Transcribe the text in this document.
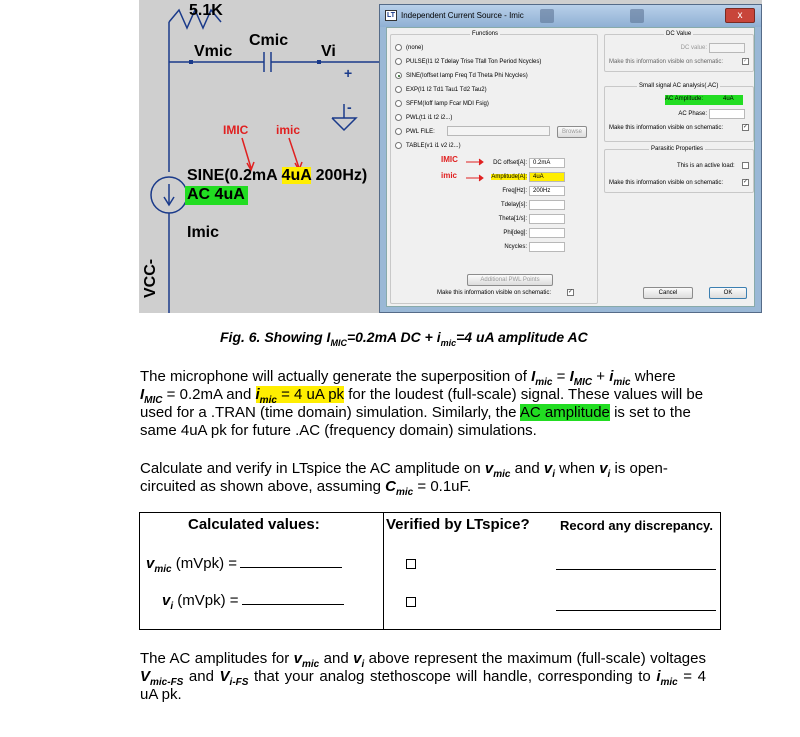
5.1K
Cmic
Vmic	Vi
+
-
IMIC imic
SINE(0.2mA 4uA 200Hz)
AC 4uA
Imic
VCC-
LT Independent Current Source - Imic	x
Functions
(none)
PULSE(I1 I2 Tdelay Trise Tfall Ton Period Ncycles)
SINE(Ioffset Iamp Freq Td Theta Phi Ncycles)
EXP(I1 I2 Td1 Tau1 Td2 Tau2)
SFFM(Ioff Iamp Fcar MDI Fsig)
PWL(t1 i1 t2 i2...)
PWL FILE:	Browse
TABLE(v1 i1 v2 i2...)
IMIC
imic
DC offset[A]:	0.2mA
Amplitude[A]:	4uA
Freq[Hz]:	200Hz
Tdelay[s]:
Theta[1/s]:
Phi[deg]:
Ncycles:
Additional PWL Points
Make this information visible on schematic:	✓
DC Value
DC value:
Make this information visible on schematic:	✓
Small signal AC analysis(.AC)
AC Amplitude:	4uA
AC Phase:
Make this information visible on schematic:	✓
Parasitic Properties
This is an active load:
Make this information visible on schematic:	✓
Cancel	OK
Fig. 6. Showing $I_{MIC}=0.2mA$ DC + $i_{mic}=4$ uA amplitude AC
The microphone will actually generate the superposition of $I_{mic} = I_{MIC} + i_{mic}$ where
$I_{MIC} = 0.2mA$ and $i_{mic} = 4$ uA pk for the loudest (full-scale) signal. These values will be used for a .TRAN (time domain) simulation. Similarly, the AC amplitude is set to the same 4uA pk for future .AC (frequency domain) simulations.
Calculate and verify in LTspice the AC amplitude on $v_{mic}$ and $v_i$ when $v_i$ is open-circuited as shown above, assuming $C_{mic} = 0.1uF$.
Calculated values:	Verified by LTspice? Record any discrepancy.
$v_{mic}$ (mVpk) =
$v_i$ (mVpk) =
The AC amplitudes for $v_{mic}$ and $v_i$ above represent the maximum (full-scale) voltages $V_{mic-FS}$ and $V_{i-FS}$ that your analog stethoscope will handle, corresponding to $i_{mic} = 4$ uA pk.
